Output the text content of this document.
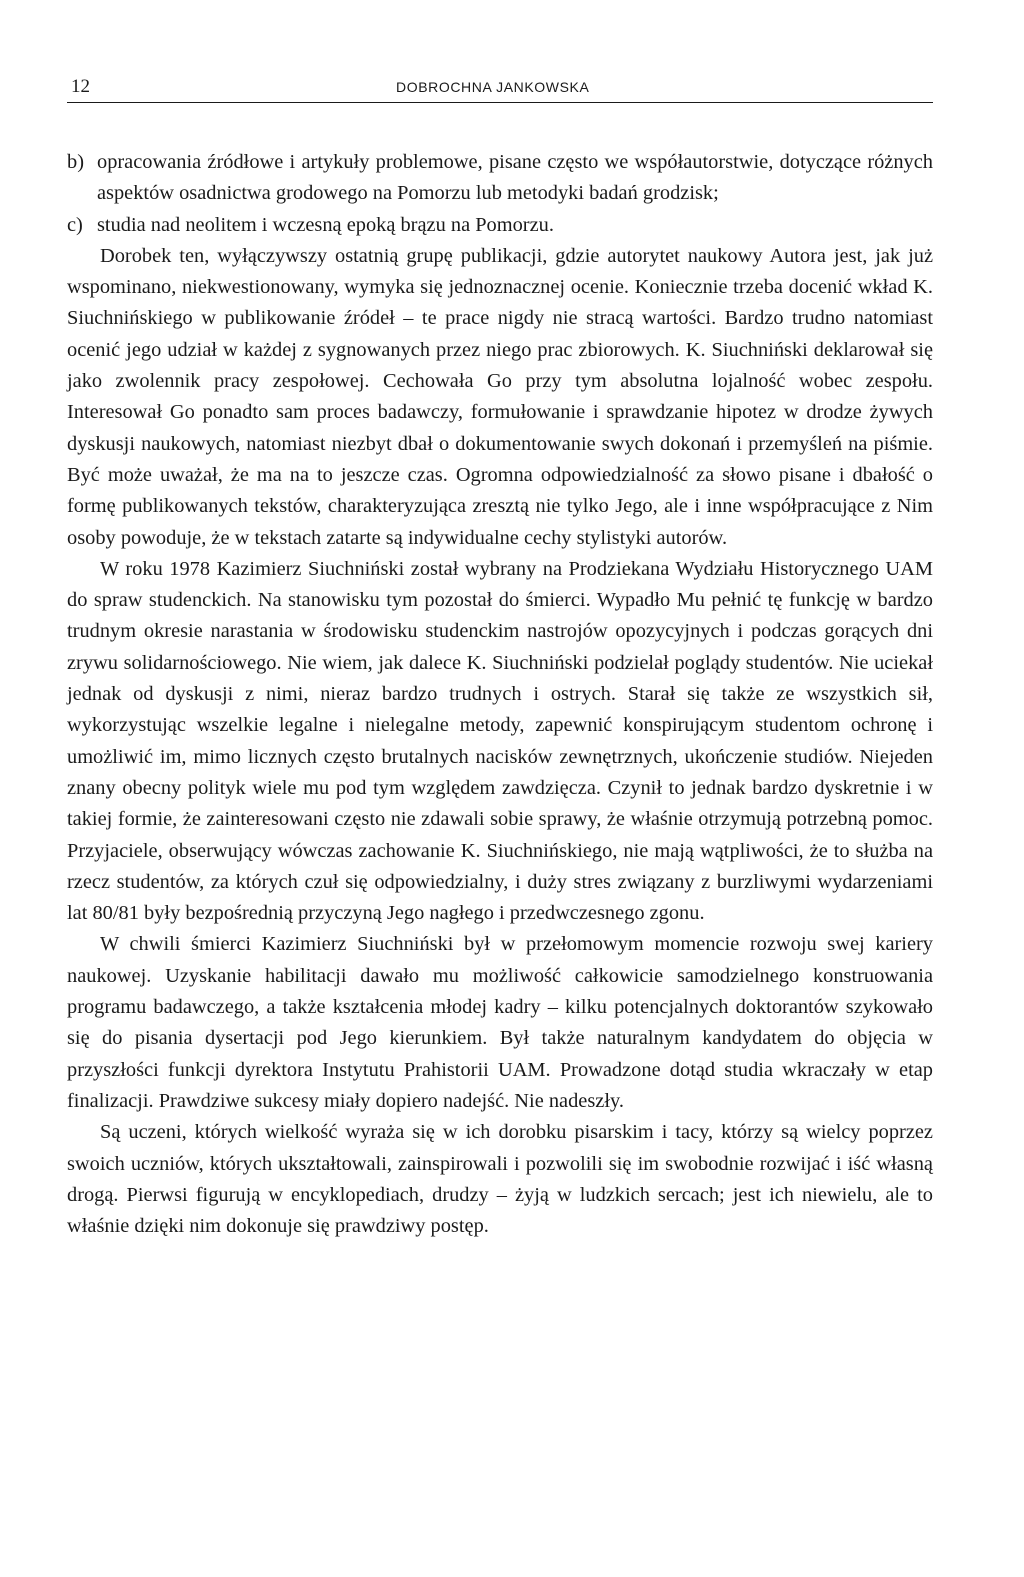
12	DOBROCHNA JANKOWSKA

b) opracowania źródłowe i artykuły problemowe, pisane często we współautorstwie, dotyczące różnych aspektów osadnictwa grodowego na Pomorzu lub metodyki badań grodzisk;

c) studia nad neolitem i wczesną epoką brązu na Pomorzu.

Dorobek ten, wyłączywszy ostatnią grupę publikacji, gdzie autorytet naukowy Autora jest, jak już wspominano, niekwestionowany, wymyka się jednoznacznej ocenie. Koniecznie trzeba docenić wkład K. Siuchnińskiego w publikowanie źródeł – te prace nigdy nie stracą wartości. Bardzo trudno natomiast ocenić jego udział w każdej z sygnowanych przez niego prac zbiorowych. K. Siuchniński deklarował się jako zwolennik pracy zespołowej. Cechowała Go przy tym absolutna lojalność wobec zespołu. Interesował Go ponadto sam proces badawczy, formułowanie i sprawdzanie hipotez w drodze żywych dyskusji naukowych, natomiast niezbyt dbał o dokumentowanie swych dokonań i przemyśleń na piśmie. Być może uważał, że ma na to jeszcze czas. Ogromna odpowiedzialność za słowo pisane i dbałość o formę publikowanych tekstów, charakteryzująca zresztą nie tylko Jego, ale i inne współpracujące z Nim osoby powoduje, że w tekstach zatarte są indywidualne cechy stylistyki autorów.

W roku 1978 Kazimierz Siuchniński został wybrany na Prodziekana Wydziału Historycznego UAM do spraw studenckich. Na stanowisku tym pozostał do śmierci. Wypadło Mu pełnić tę funkcję w bardzo trudnym okresie narastania w środowisku studenckim nastrojów opozycyjnych i podczas gorących dni zrywu solidarnościowego. Nie wiem, jak dalece K. Siuchniński podzielał poglądy studentów. Nie uciekał jednak od dyskusji z nimi, nieraz bardzo trudnych i ostrych. Starał się także ze wszystkich sił, wykorzystując wszelkie legalne i nielegalne metody, zapewnić konspirującym studentom ochronę i umożliwić im, mimo licznych często brutalnych nacisków zewnętrznych, ukończenie studiów. Niejeden znany obecny polityk wiele mu pod tym względem zawdzięcza. Czynił to jednak bardzo dyskretnie i w takiej formie, że zainteresowani często nie zdawali sobie sprawy, że właśnie otrzymują potrzebną pomoc. Przyjaciele, obserwujący wówczas zachowanie K. Siuchnińskiego, nie mają wątpliwości, że to służba na rzecz studentów, za których czuł się odpowiedzialny, i duży stres związany z burzliwymi wydarzeniami lat 80/81 były bezpośrednią przyczyną Jego nagłego i przedwczesnego zgonu.

W chwili śmierci Kazimierz Siuchniński był w przełomowym momencie rozwoju swej kariery naukowej. Uzyskanie habilitacji dawało mu możliwość całkowicie samodzielnego konstruowania programu badawczego, a także kształcenia młodej kadry – kilku potencjalnych doktorantów szykowało się do pisania dysertacji pod Jego kierunkiem. Był także naturalnym kandydatem do objęcia w przyszłości funkcji dyrektora Instytutu Prahistorii UAM. Prowadzone dotąd studia wkraczały w etap finalizacji. Prawdziwe sukcesy miały dopiero nadejść. Nie nadeszły.

Są uczeni, których wielkość wyraża się w ich dorobku pisarskim i tacy, którzy są wielcy poprzez swoich uczniów, których ukształtowali, zainspirowali i pozwolili się im swobodnie rozwijać i iść własną drogą. Pierwsi figurują w encyklopediach, drudzy – żyją w ludzkich sercach; jest ich niewielu, ale to właśnie dzięki nim dokonuje się prawdziwy postęp.
